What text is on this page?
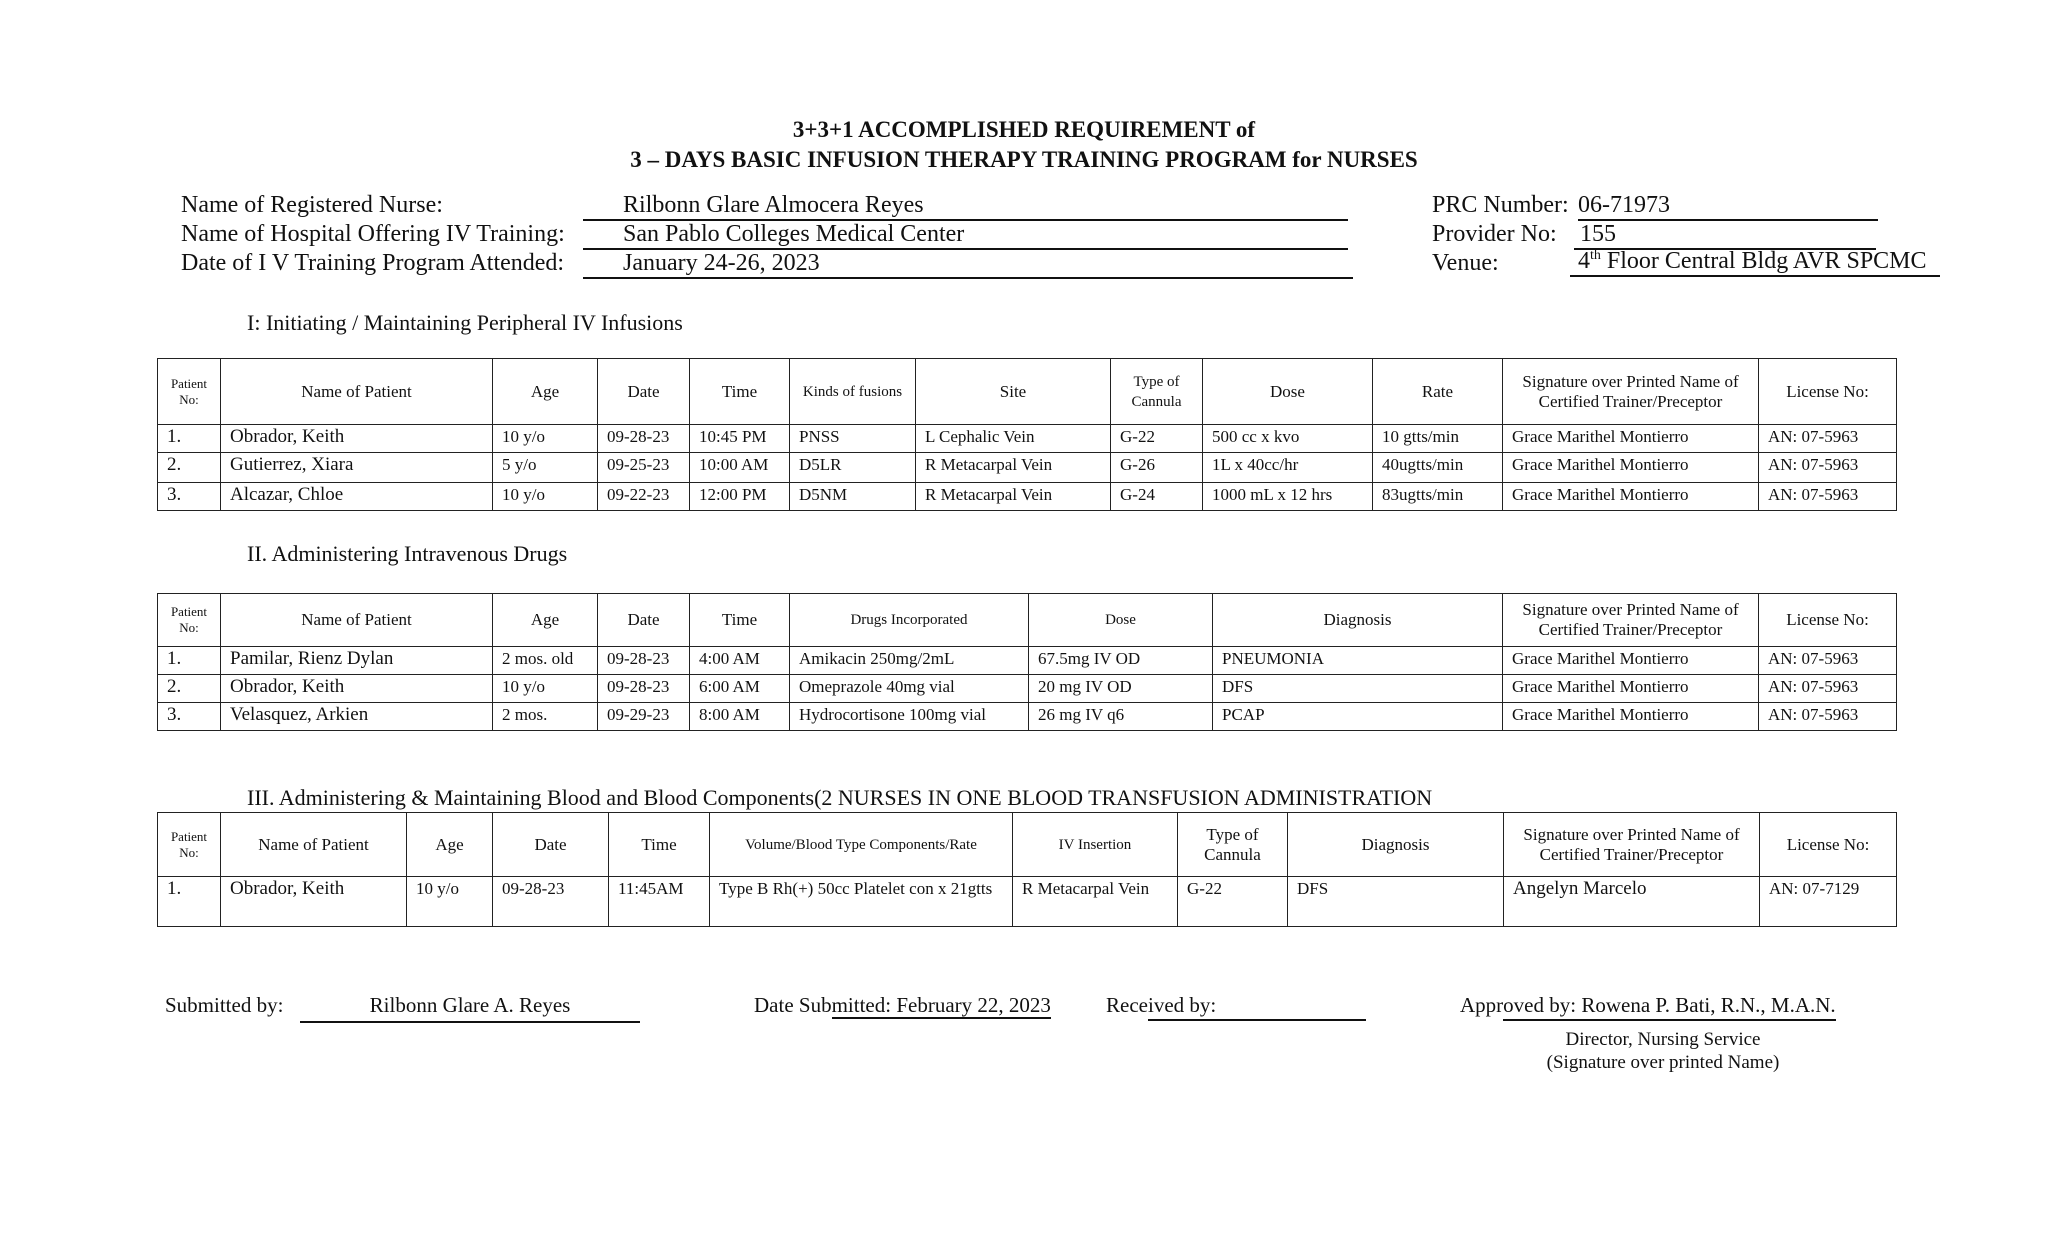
3+3+1 ACCOMPLISHED REQUIREMENT of
3 – DAYS BASIC INFUSION THERAPY TRAINING PROGRAM for NURSES
Name of Registered Nurse:	Rilbonn Glare Almocera Reyes
Name of Hospital Offering IV Training:	San Pablo Colleges Medical Center
Date of I V Training Program Attended:	January 24-26, 2023
PRC Number: 06-71973
Provider No: 155
Venue:	4th Floor Central Bldg AVR SPCMC
I: Initiating / Maintaining Peripheral IV Infusions
Patient No:	Name of Patient	Age	Date	Time	Kinds of fusions	Site	Type of Cannula	Dose	Rate	Signature over Printed Name of Certified Trainer/Preceptor	License No:
1.	Obrador, Keith	10 y/o	09-28-23	10:45 PM	PNSS	L Cephalic Vein	G-22	500 cc x kvo	10 gtts/min	Grace Marithel Montierro	AN: 07-5963
2.	Gutierrez, Xiara	5 y/o	09-25-23	10:00 AM	D5LR	R Metacarpal Vein	G-26	1L x 40cc/hr	40ugtts/min	Grace Marithel Montierro	AN: 07-5963
3.	Alcazar, Chloe	10 y/o	09-22-23	12:00 PM	D5NM	R Metacarpal Vein	G-24	1000 mL x 12 hrs	83ugtts/min	Grace Marithel Montierro	AN: 07-5963
II. Administering Intravenous Drugs
Patient No:	Name of Patient	Age	Date	Time	Drugs Incorporated	Dose	Diagnosis	Signature over Printed Name of Certified Trainer/Preceptor	License No:
1.	Pamilar, Rienz Dylan	2 mos. old	09-28-23	4:00 AM	Amikacin 250mg/2mL	67.5mg IV OD	PNEUMONIA	Grace Marithel Montierro	AN: 07-5963
2.	Obrador, Keith	10 y/o	09-28-23	6:00 AM	Omeprazole 40mg vial	20 mg IV OD	DFS	Grace Marithel Montierro	AN: 07-5963
3.	Velasquez, Arkien	2 mos.	09-29-23	8:00 AM	Hydrocortisone 100mg vial	26 mg IV q6	PCAP	Grace Marithel Montierro	AN: 07-5963
III. Administering & Maintaining Blood and Blood Components(2 NURSES IN ONE BLOOD TRANSFUSION ADMINISTRATION
Patient No:	Name of Patient	Age	Date	Time	Volume/Blood Type Components/Rate	IV Insertion	Type of Cannula	Diagnosis	Signature over Printed Name of Certified Trainer/Preceptor	License No:
1.	Obrador, Keith	10 y/o	09-28-23	11:45AM	Type B Rh(+) 50cc Platelet con x 21gtts	R Metacarpal Vein	G-22	DFS	Angelyn Marcelo	AN: 07-7129
Submitted by:	Rilbonn Glare A. Reyes	Date Submitted: February 22, 2023	Received by:	Approved by: Rowena P. Bati, R.N., M.A.N.
Director, Nursing Service
(Signature over printed Name)
